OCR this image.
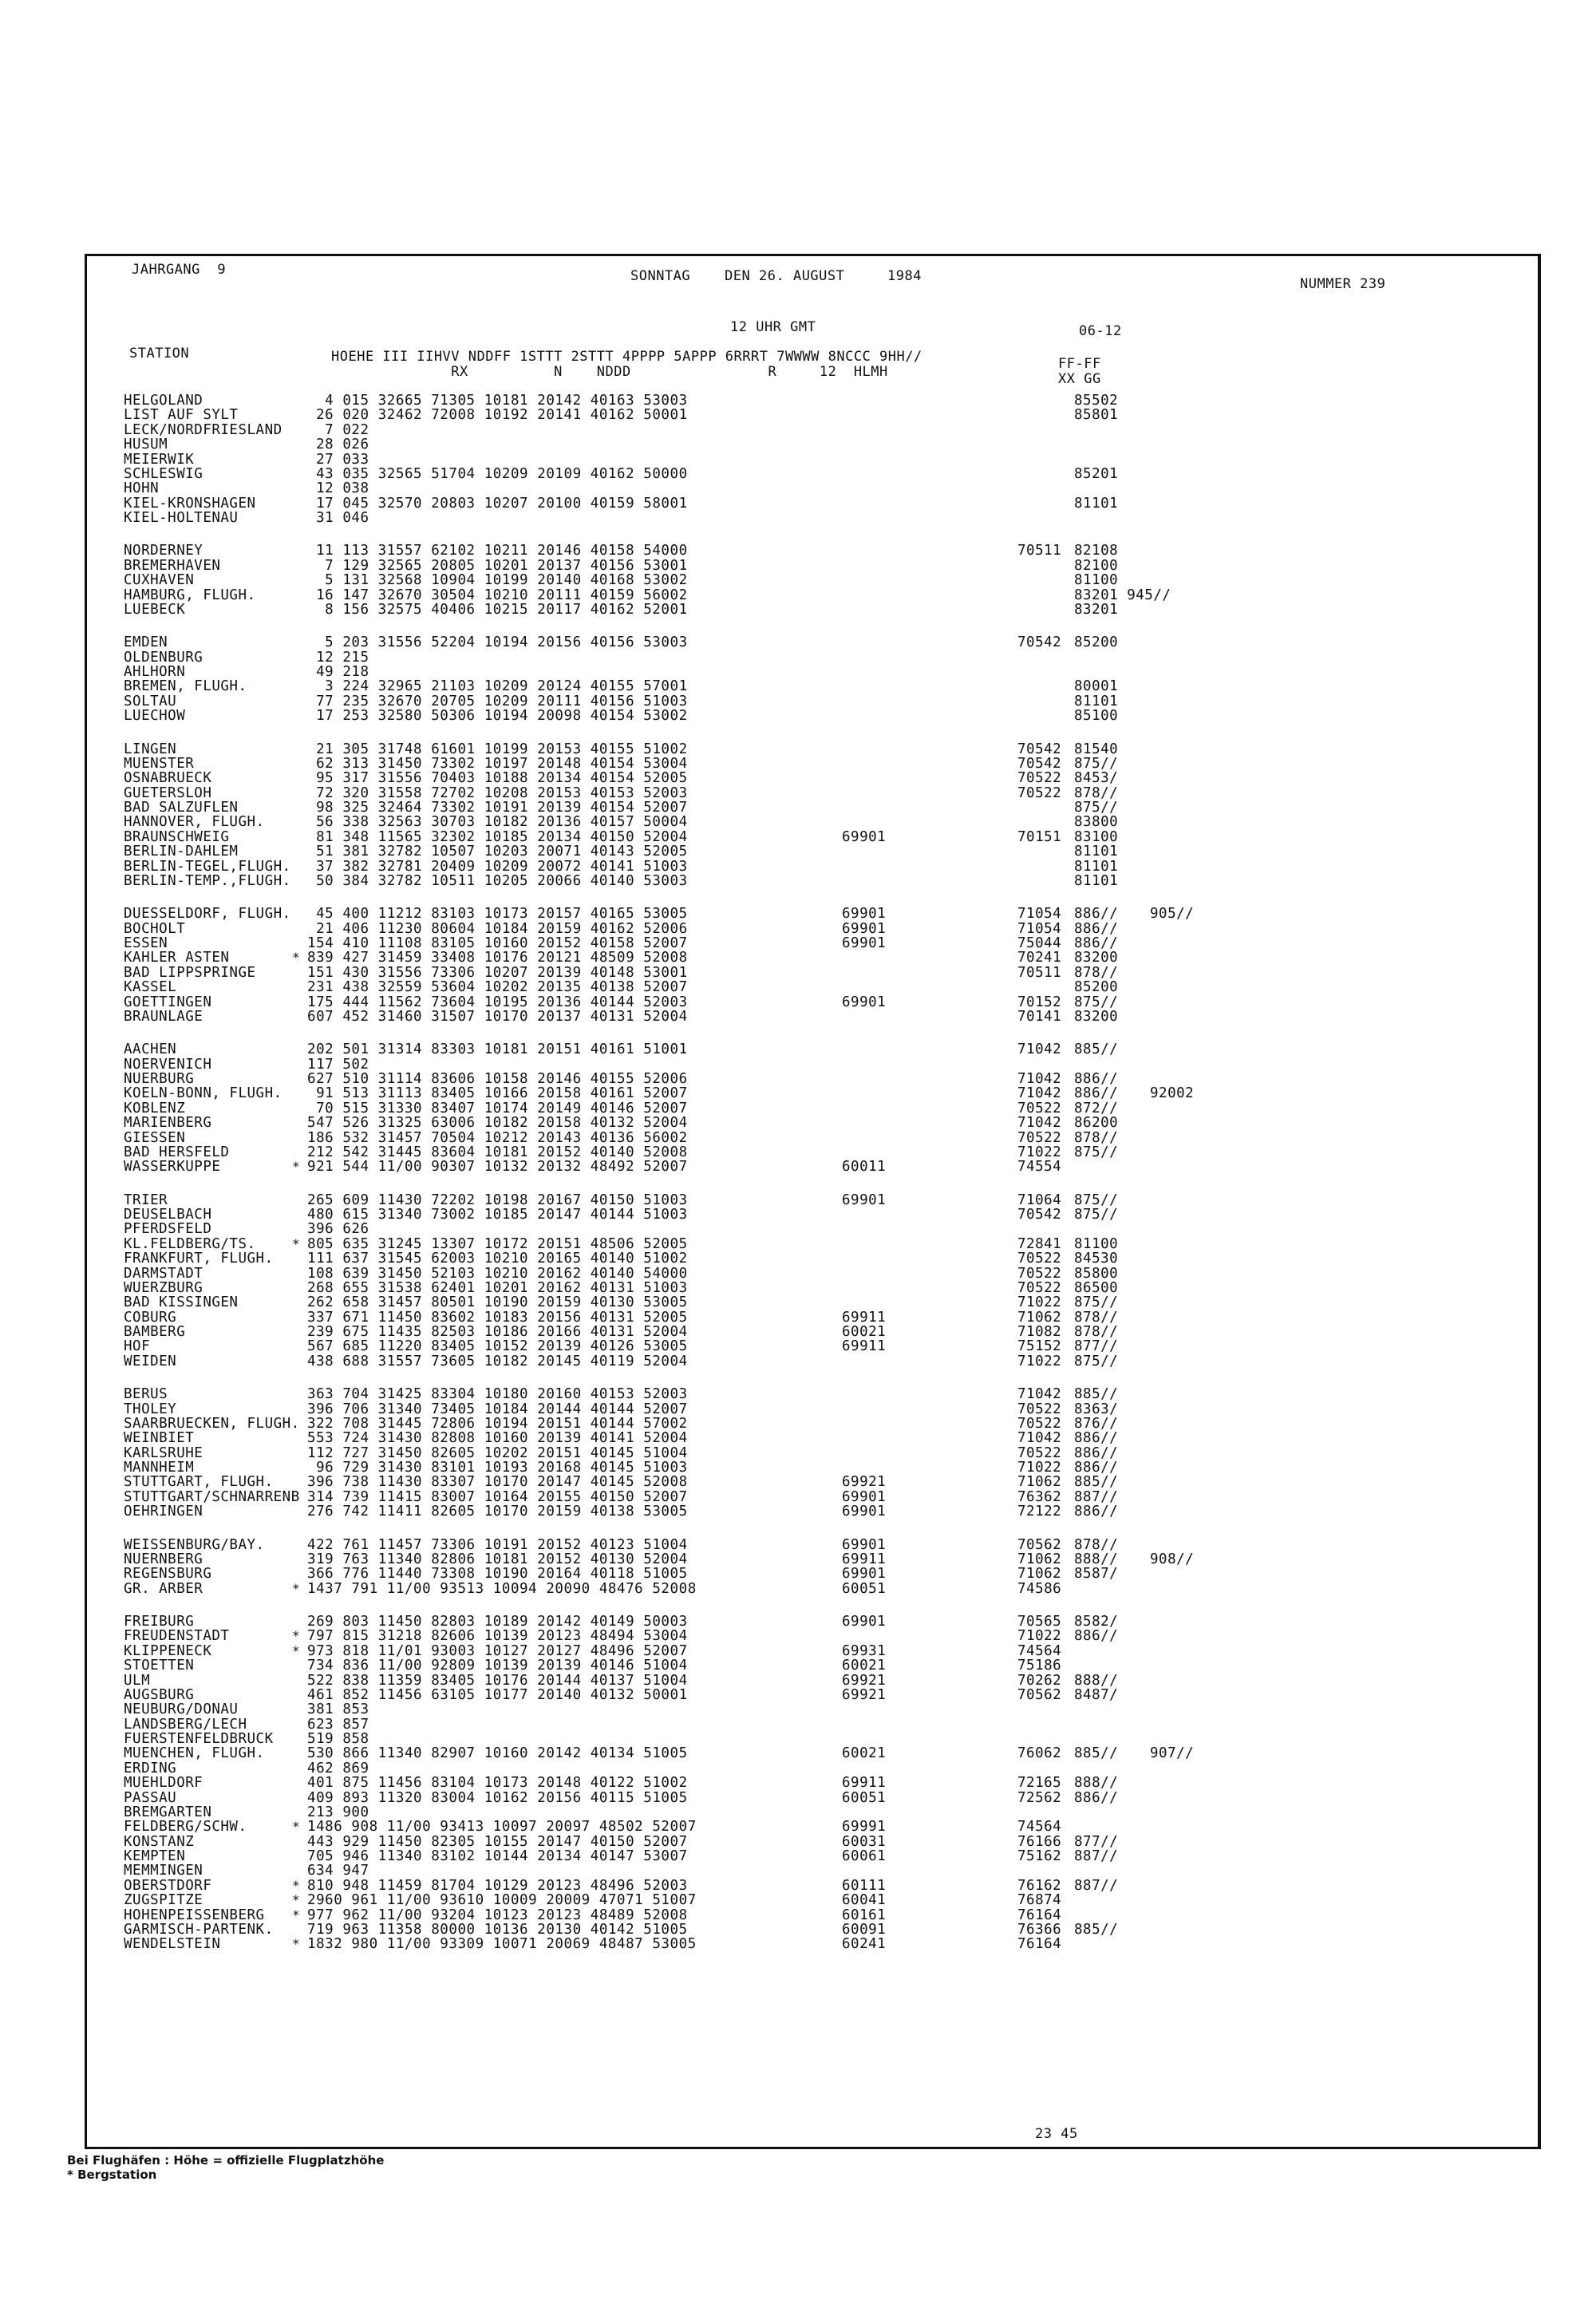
JAHRGANG  9	SONNTAG    DEN 26. AUGUST     1984	NUMMER 239
12 UHR GMT	06-12
STATION	HOEHE III IIHVV NDDFF 1STTT 2STTT 4PPPP 5APPP 6RRRT 7WWWW 8NCCC 9HH//
RX          N    NDDD                R     12  HLMH	FF-FF
XX GG
HELGOLAND	4 015 32665 71305 10181 20142 40163 53003	85502
LIST AUF SYLT	26 020 32462 72008 10192 20141 40162 50001	85801
LECK/NORDFRIESLAND 7 022
HUSUM	28 026
MEIERWIK	27 033
SCHLESWIG	43 035 32565 51704 10209 20109 40162 50000	85201
HOHN	12 038
KIEL-KRONSHAGEN	17 045 32570 20803 10207 20100 40159 58001	81101
KIEL-HOLTENAU	31 046
NORDERNEY	11 113 31557 62102 10211 20146 40158 54000	70511 82108
BREMERHAVEN	7 129 32565 20805 10201 20137 40156 53001	82100
CUXHAVEN	5 131 32568 10904 10199 20140 40168 53002	81100
HAMBURG, FLUGH.	16 147 32670 30504 10210 20111 40159 56002	83201 945//
LUEBECK	8 156 32575 40406 10215 20117 40162 52001	83201
EMDEN	5 203 31556 52204 10194 20156 40156 53003	70542 85200
OLDENBURG	12 215
AHLHORN	49 218
BREMEN, FLUGH.	3 224 32965 21103 10209 20124 40155 57001	80001
SOLTAU	77 235 32670 20705 10209 20111 40156 51003	81101
LUECHOW	17 253 32580 50306 10194 20098 40154 53002	85100
LINGEN	21 305 31748 61601 10199 20153 40155 51002	70542 81540
MUENSTER	62 313 31450 73302 10197 20148 40154 53004	70542 875//
OSNABRUECK	95 317 31556 70403 10188 20134 40154 52005	70522 8453/
GUETERSLOH	72 320 31558 72702 10208 20153 40153 52003	70522 878//
BAD SALZUFLEN	98 325 32464 73302 10191 20139 40154 52007	875//
HANNOVER, FLUGH.	56 338 32563 30703 10182 20136 40157 50004	83800
BRAUNSCHWEIG	81 348 11565 32302 10185 20134 40150 52004	69901	70151 83100
BERLIN-DAHLEM	51 381 32782 10507 10203 20071 40143 52005	81101
BERLIN-TEGEL,FLUGH. 37 382 32781 20409 10209 20072 40141 51003	81101
BERLIN-TEMP.,FLUGH. 50 384 32782 10511 10205 20066 40140 53003	81101
DUESSELDORF, FLUGH. 45 400 11212 83103 10173 20157 40165 53005	69901	71054 886// 905//
BOCHOLT	21 406 11230 80604 10184 20159 40162 52006	69901	71054 886//
ESSEN	154 410 11108 83105 10160 20152 40158 52007	69901	75044 886//
KAHLER ASTEN	* 839 427 31459 33408 10176 20121 48509 52008	70241 83200
BAD LIPPSPRINGE	151 430 31556 73306 10207 20139 40148 53001	70511 878//
KASSEL	231 438 32559 53604 10202 20135 40138 52007	85200
GOETTINGEN	175 444 11562 73604 10195 20136 40144 52003	69901	70152 875//
BRAUNLAGE	607 452 31460 31507 10170 20137 40131 52004	70141 83200
AACHEN	202 501 31314 83303 10181 20151 40161 51001	71042 885//
NOERVENICH	117 502
NUERBURG	627 510 31114 83606 10158 20146 40155 52006	71042 886//
KOELN-BONN, FLUGH. 91 513 31113 83405 10166 20158 40161 52007	71042 886// 92002
KOBLENZ	70 515 31330 83407 10174 20149 40146 52007	70522 872//
MARIENBERG	547 526 31325 63006 10182 20158 40132 52004	71042 86200
GIESSEN	186 532 31457 70504 10212 20143 40136 56002	70522 878//
BAD HERSFELD	212 542 31445 83604 10181 20152 40140 52008	71022 875//
WASSERKUPPE	* 921 544 11/00 90307 10132 20132 48492 52007	60011	74554
TRIER	265 609 11430 72202 10198 20167 40150 51003	69901	71064 875//
DEUSELBACH	480 615 31340 73002 10185 20147 40144 51003	70542 875//
PFERDSFELD	396 626
KL.FELDBERG/TS.	* 805 635 31245 13307 10172 20151 48506 52005	72841 81100
FRANKFURT, FLUGH. 111 637 31545 62003 10210 20165 40140 51002	70522 84530
DARMSTADT	108 639 31450 52103 10210 20162 40140 54000	70522 85800
WUERZBURG	268 655 31538 62401 10201 20162 40131 51003	70522 86500
BAD KISSINGEN	262 658 31457 80501 10190 20159 40130 53005	71022 875//
COBURG	337 671 11450 83602 10183 20156 40131 52005	69911	71062 878//
BAMBERG	239 675 11435 82503 10186 20166 40131 52004	60021	71082 878//
HOF	567 685 11220 83405 10152 20139 40126 53005	69911	75152 877//
WEIDEN	438 688 31557 73605 10182 20145 40119 52004	71022 875//
BERUS	363 704 31425 83304 10180 20160 40153 52003	71042 885//
THOLEY	396 706 31340 73405 10184 20144 40144 52007	70522 8363/
SAARBRUECKEN, FLUGH. 322 708 31445 72806 10194 20151 40144 57002	70522 876//
WEINBIET	553 724 31430 82808 10160 20139 40141 52004	71042 886//
KARLSRUHE	112 727 31450 82605 10202 20151 40145 51004	70522 886//
MANNHEIM	96 729 31430 83101 10193 20168 40145 51003	71022 886//
STUTTGART, FLUGH. 396 738 11430 83307 10170 20147 40145 52008	69921	71062 885//
STUTTGART/SCHNARRENB 314 739 11415 83007 10164 20155 40150 52007	69901	76362 887//
OEHRINGEN	276 742 11411 82605 10170 20159 40138 53005	69901	72122 886//
WEISSENBURG/BAY.	422 761 11457 73306 10191 20152 40123 51004	69901	70562 878//
NUERNBERG	319 763 11340 82806 10181 20152 40130 52004	69911	71062 888// 908//
REGENSBURG	366 776 11440 73308 10190 20164 40118 51005	69901	71062 8587/
GR. ARBER	* 1437 791 11/00 93513 10094 20090 48476 52008	60051	74586
FREIBURG	269 803 11450 82803 10189 20142 40149 50003	69901	70565 8582/
FREUDENSTADT	* 797 815 31218 82606 10139 20123 48494 53004	71022 886//
KLIPPENECK	* 973 818 11/01 93003 10127 20127 48496 52007	69931	74564
STOETTEN	734 836 11/00 92809 10139 20139 40146 51004	60021	75186
ULM	522 838 11359 83405 10176 20144 40137 51004	69921	70262 888//
AUGSBURG	461 852 11456 63105 10177 20140 40132 50001	69921	70562 8487/
NEUBURG/DONAU	381 853
LANDSBERG/LECH	623 857
FUERSTENFELDBRUCK 519 858
MUENCHEN, FLUGH.	530 866 11340 82907 10160 20142 40134 51005	60021	76062 885// 907//
ERDING	462 869
MUEHLDORF	401 875 11456 83104 10173 20148 40122 51002	69911	72165 888//
PASSAU	409 893 11320 83004 10162 20156 40115 51005	60051	72562 886//
BREMGARTEN	213 900
FELDBERG/SCHW.	* 1486 908 11/00 93413 10097 20097 48502 52007	69991	74564
KONSTANZ	443 929 11450 82305 10155 20147 40150 52007	60031	76166 877//
KEMPTEN	705 946 11340 83102 10144 20134 40147 53007	60061	75162 887//
MEMMINGEN	634 947
OBERSTDORF	* 810 948 11459 81704 10129 20123 48496 52003	60111	76162 887//
ZUGSPITZE	* 2960 961 11/00 93610 10009 20009 47071 51007	60041	76874
HOHENPEISSENBERG * 977 962 11/00 93204 10123 20123 48489 52008	60161	76164
GARMISCH-PARTENK. 719 963 11358 80000 10136 20130 40142 51005	60091	76366 885//
WENDELSTEIN	* 1832 980 11/00 93309 10071 20069 48487 53005	60241	76164
23 45
Bei Flughäfen : Höhe = offizielle Flugplatzhöhe
* Bergstation
